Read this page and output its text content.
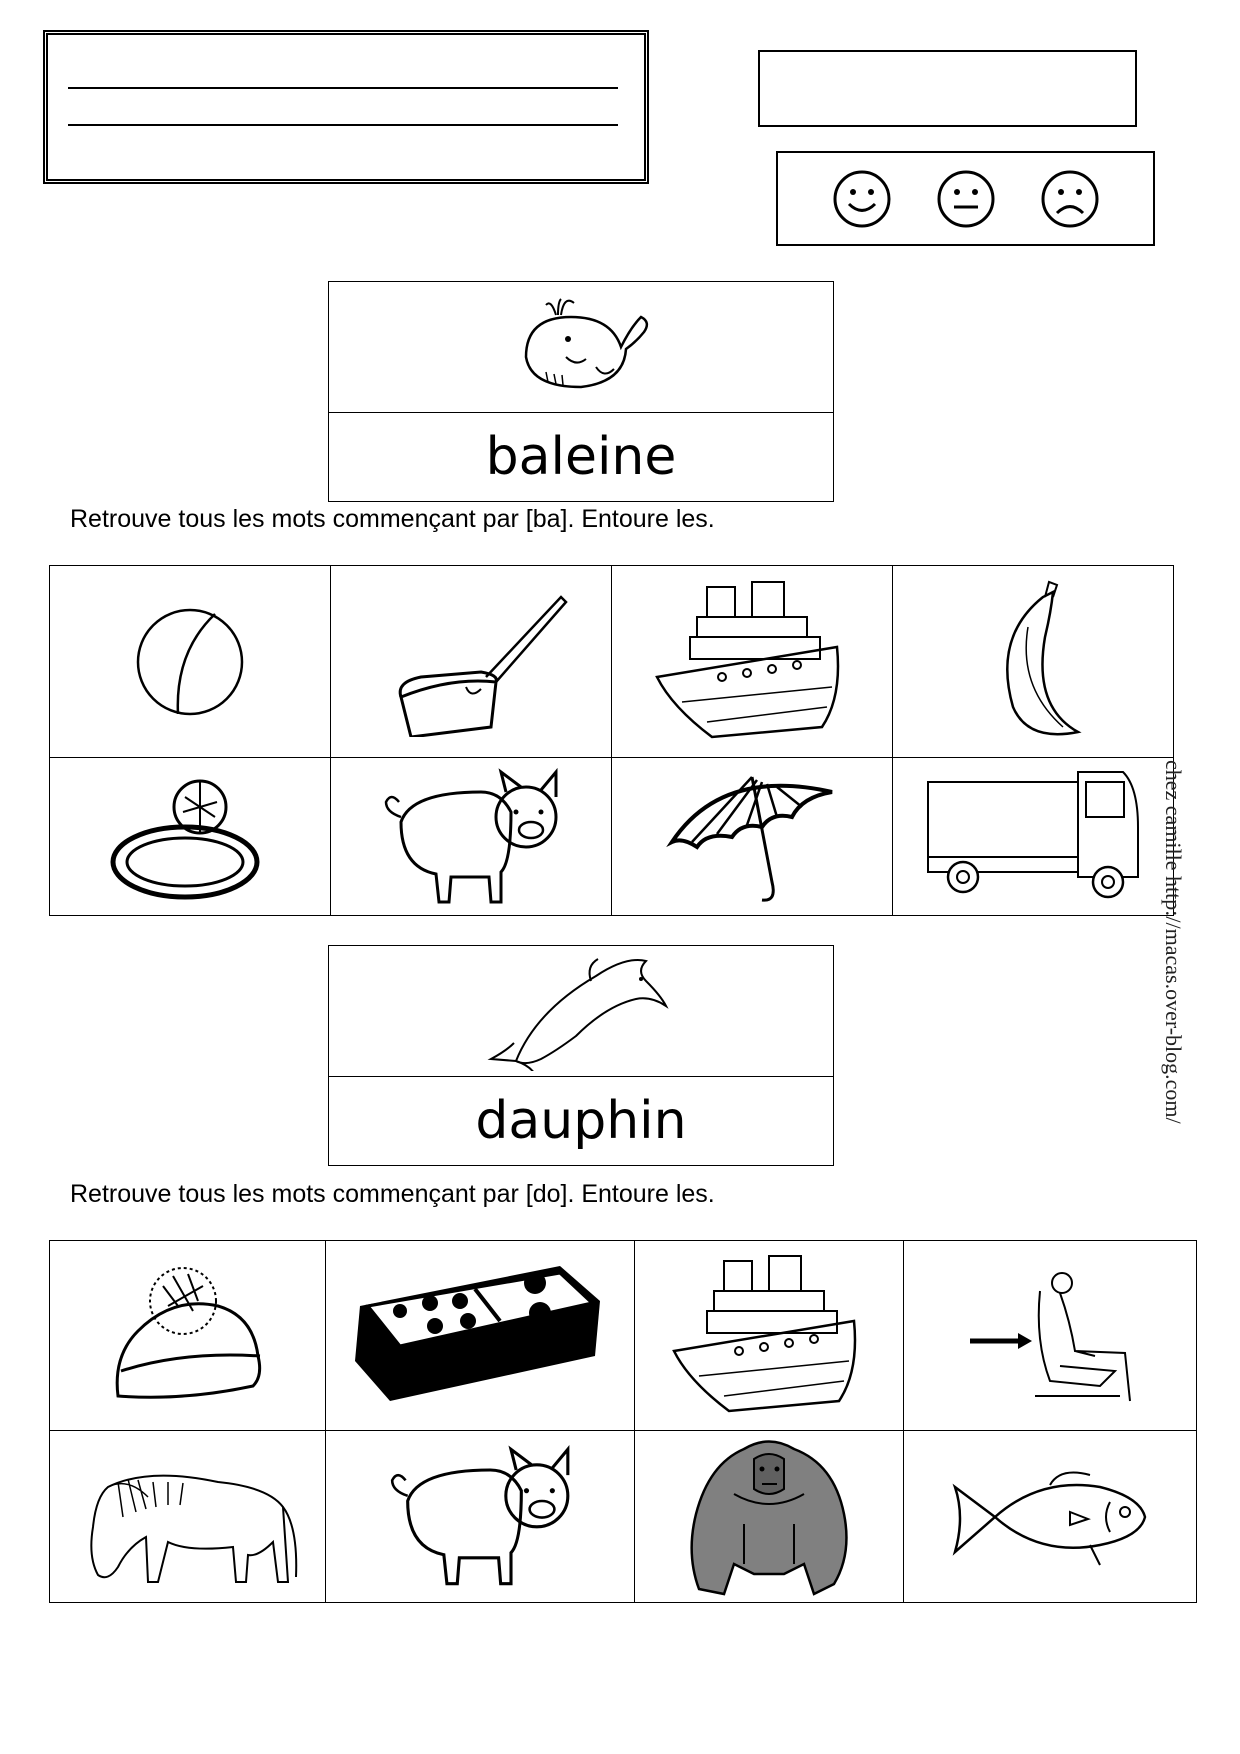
baleine
Retrouve tous les mots commençant par [ba]. Entoure les.

dauphin
Retrouve tous les mots commençant par [do]. Entoure les.

chez camille http://macas.over-blog.com/
